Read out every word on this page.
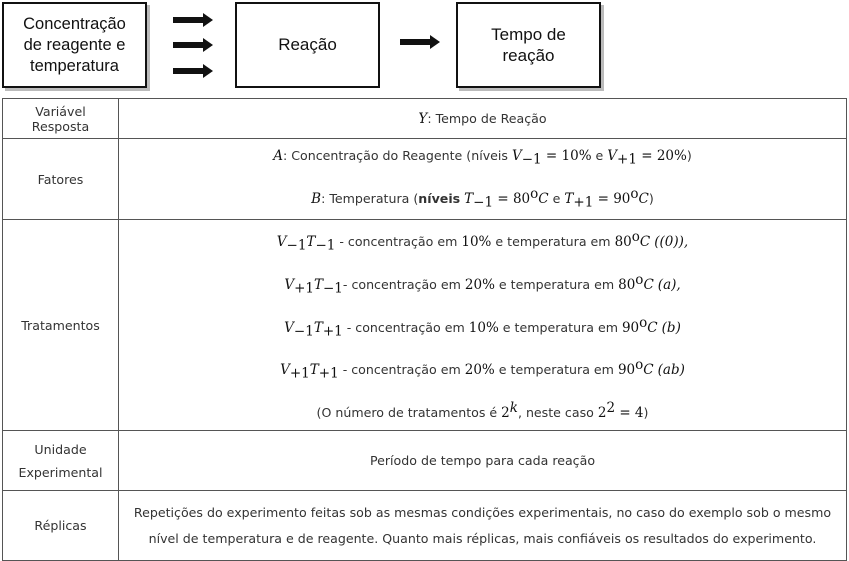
Concentração
de reagente e
temperatura
Reação
Tempo de
reação
Variável Resposta	Y: Tempo de Reação
Fatores	A: Concentração do Reagente (níveis $V_{-1} = 10\%$ e $V_{+1} = 20\%$)
B: Temperatura (níveis $T_{-1} = 80^oC$ e $T_{+1} = 90^oC$)

Tratamentos	$V_{-1}T_{-1}$ - concentração em 10% e temperatura em 80$^o$C ((0)),
$V_{+1}T_{-1}-$ concentração em 20% e temperatura em 80$^o$C (a),
$V_{-1}T_{+1}$ - concentração em 10% e temperatura em 90$^o$C (b)
$V_{+1}T_{+1}$ - concentração em 20% e temperatura em 90$^o$C (ab)
(O número de tratamentos é 2$^k$, neste caso $2^2 = 4$)

Unidade Experimental	Período de tempo para cada reação
Réplicas	Repetições do experimento feitas sob as mesmas condições experimentais, no caso do exemplo sob o mesmo nível de temperatura e de reagente. Quanto mais réplicas, mais confiáveis os resultados do experimento.
